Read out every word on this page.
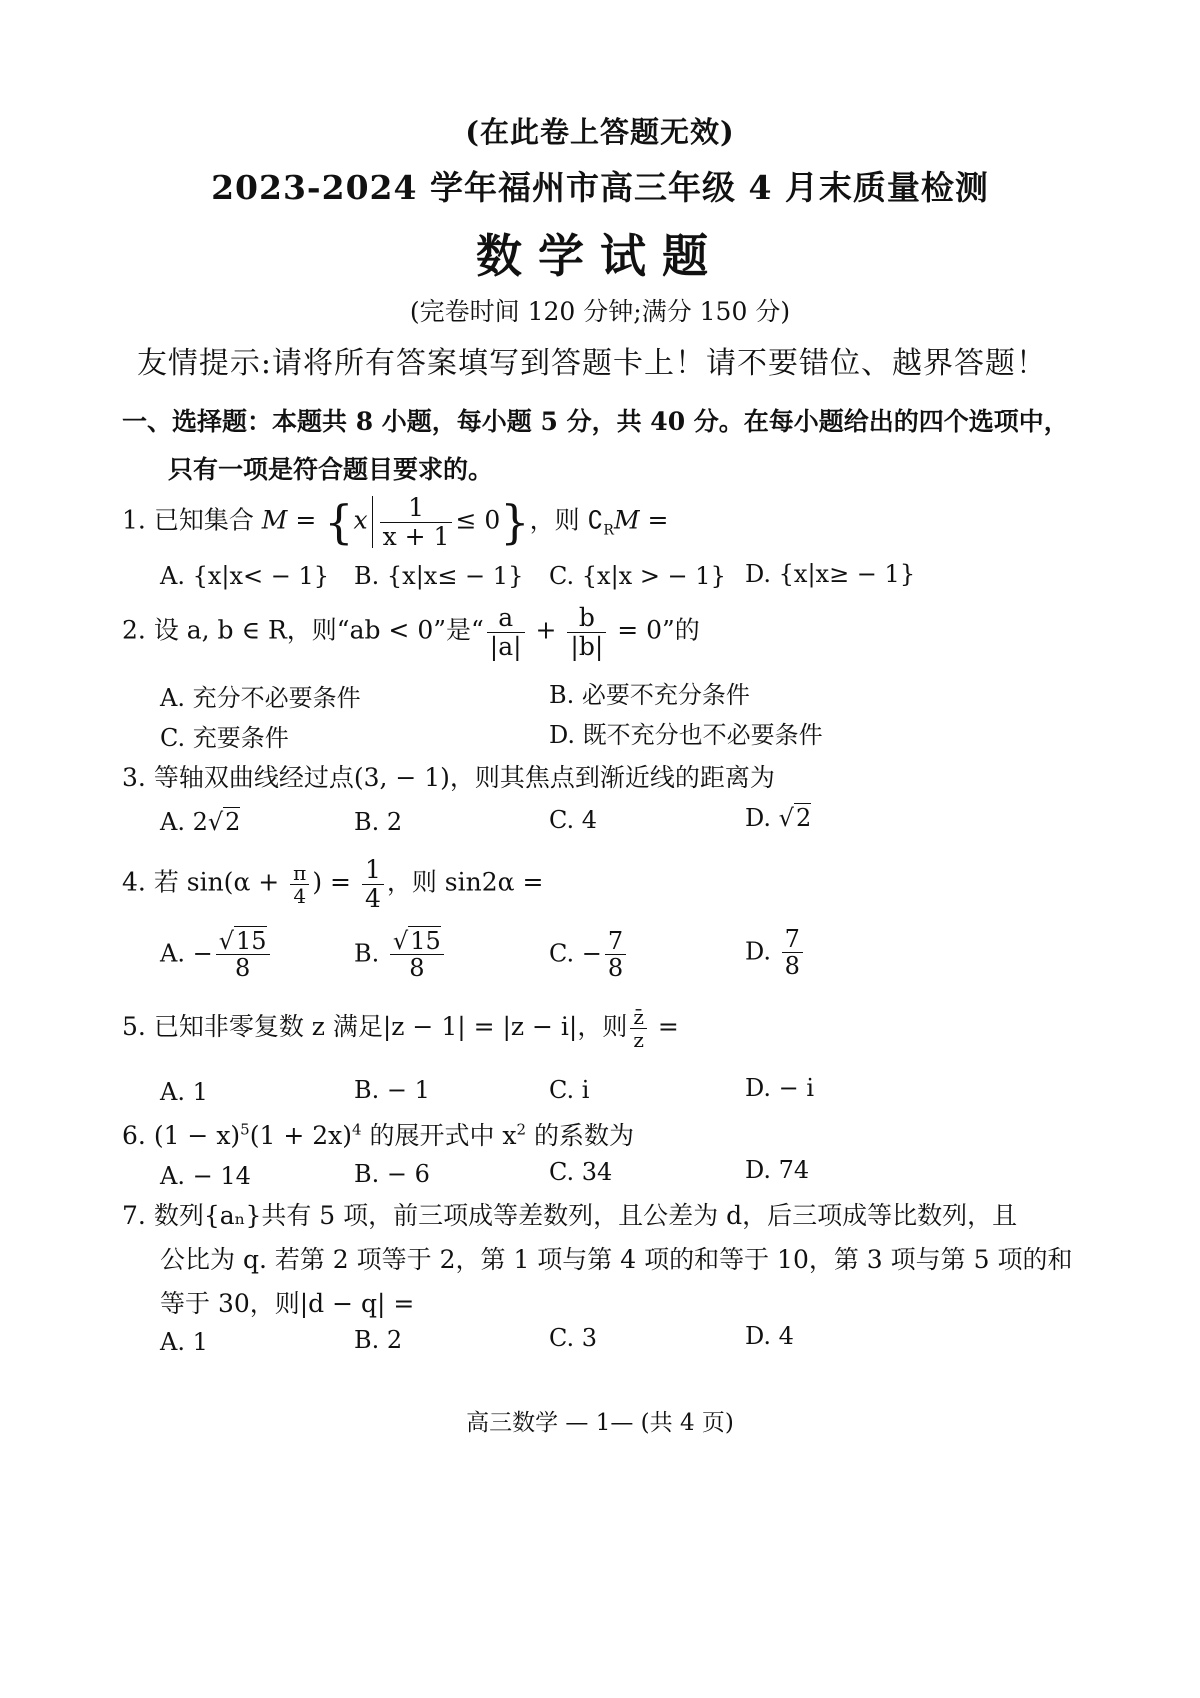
(在此卷上答题无效)
2023-2024 学年福州市高三年级 4 月末质量检测
数学试题
(完卷时间 120 分钟;满分 150 分)
友情提示:请将所有答案填写到答题卡上！请不要错位、越界答题！
一、选择题：本题共 8 小题，每小题 5 分，共 40 分。在每小题给出的四个选项中，
只有一项是符合题目要求的。
1. 已知集合 $M = \{x \frac{1}{x + 1} \le 0\}$，则 $∁_RM$ =
A. {x|x< − 1} B. {x|x≤ − 1} C. {x|x > − 1} D. {x|x≥ − 1}
2. 设 a, b ∈ R，则“ab < 0”是“ $\frac{a}{|a|} + \frac{b}{|b|} = 0$”的
A. 充分不必要条件	B. 必要不充分条件
C. 充要条件	D. 既不充分也不必要条件
3. 等轴双曲线经过点(3, − 1)，则其焦点到渐近线的距离为
A. 2√2	B. 2	C. 4	D. √2
4. 若 $\sin(\alpha + \frac{\pi}{4}$ ) = $\frac{1}{4}$ ，则 sin2α =
A. − $\frac{√15}{8}$	B. $\frac{√15}{8}$	C. − $\frac{7}{8}$	D. $\frac{7}{8}$
5. 已知非零复数 z 满足|z − 1| = |z − i|，则 $\frac{z̄}{z}$ =
A. 1	B. − 1	C. i	D. − i
6. $(1 - x)^5(1 + 2x)^4$ 的展开式中 $x^2$ 的系数为
A. − 14	B. − 6	C. 34	D. 74
7. 数列{aₙ}共有 5 项，前三项成等差数列，且公差为 d，后三项成等比数列，且
公比为 q. 若第 2 项等于 2，第 1 项与第 4 项的和等于 10，第 3 项与第 5 项的和
等于 30，则|d − q| =
A. 1	B. 2	C. 3	D. 4
高三数学 — 1— (共 4 页)
